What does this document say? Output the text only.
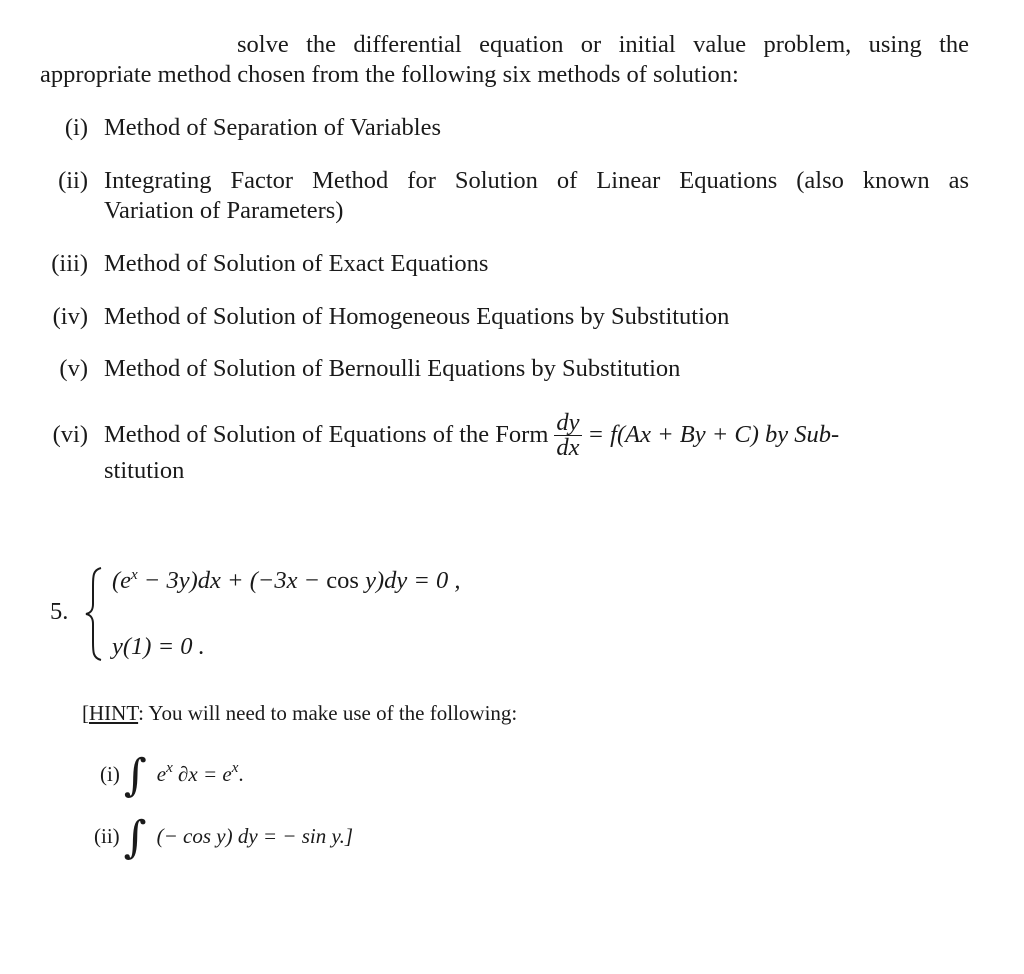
solve the differential equation or initial value problem, using the
appropriate method chosen from the following six methods of solution:
(i) Method of Separation of Variables
(ii) Integrating Factor Method for Solution of Linear Equations (also known as
Variation of Parameters)
(iii) Method of Solution of Exact Equations
(iv) Method of Solution of Homogeneous Equations by Substitution
(v) Method of Solution of Bernoulli Equations by Substitution
(vi) Method of Solution of Equations of the Form $\frac{dy}{dx} = f(Ax + By + C)$ by Sub-
stitution
5.
$(e^x - 3y)dx + (-3x - \cos y)dy = 0$ ,
y(1) = 0 .
[HINT: You will need to make use of the following:
(i)∫ $e^x$ $\partial x = e^x$.
(ii)∫ (− cos y) dy = − sin y.]
